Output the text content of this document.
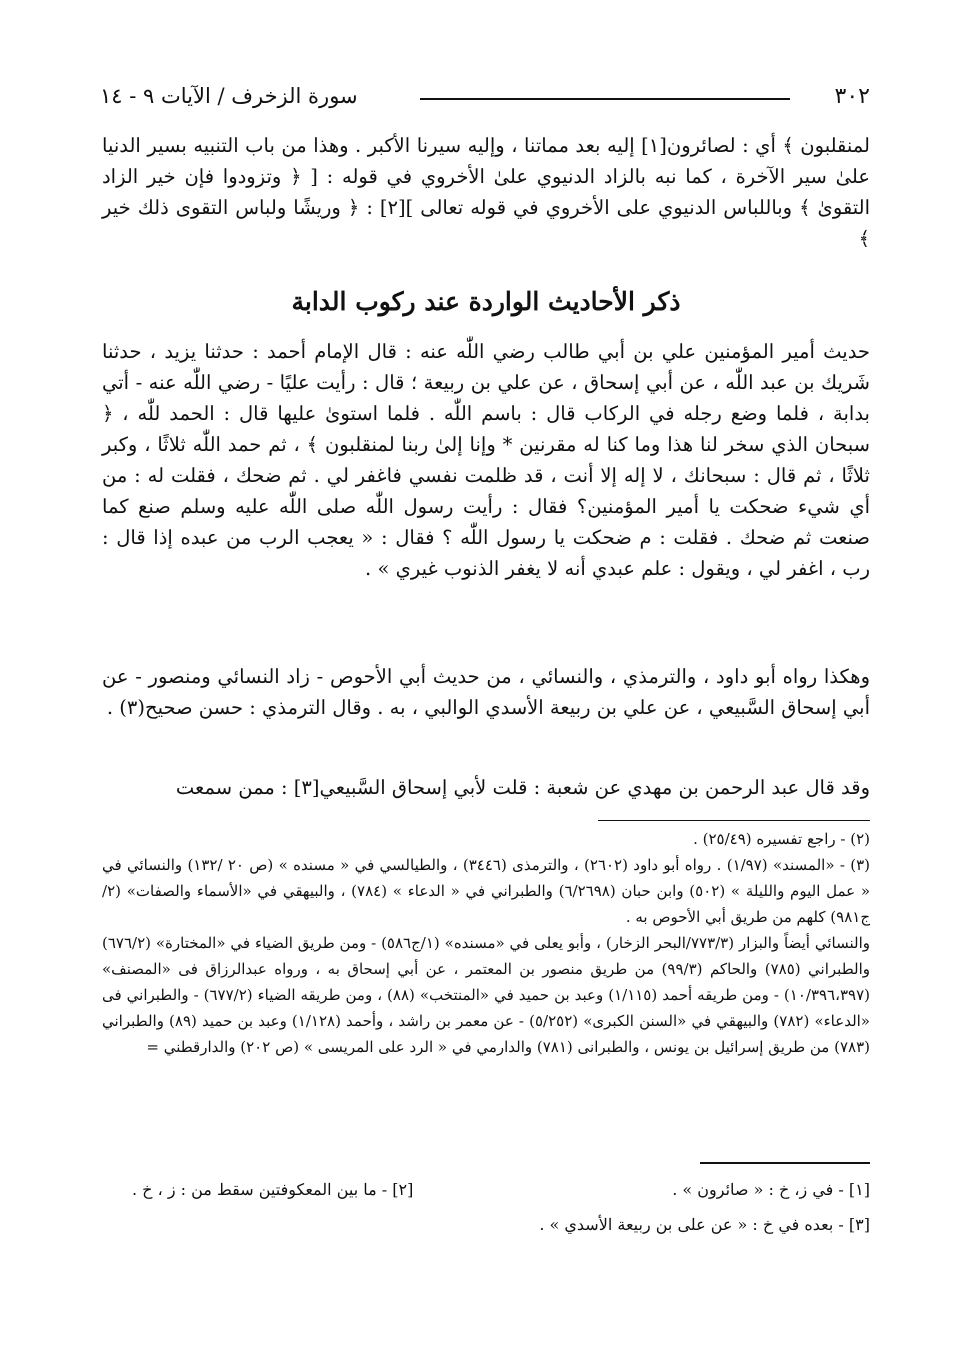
٣٠٢
سورة الزخرف / الآيات ٩ - ١٤

لمنقلبون ﴾ أي : لصائرون[١] إليه بعد مماتنا ، وإليه سيرنا الأكبر . وهذا من باب التنبيه بسير الدنيا علىٰ سير الآخرة ، كما نبه بالزاد الدنيوي علىٰ الأخروي في قوله : [ ﴿ وتزودوا فإن خير الزاد التقوىٰ ﴾ وباللباس الدنيوي على الأخروي في قوله تعالى ][٢] : ﴿ وريشًا ولباس التقوى ذلك خير ﴾

ذكر الأحاديث الواردة عند ركوب الدابة

حديث أمير المؤمنين علي بن أبي طالب رضي اللّٰه عنه : قال الإمام أحمد : حدثنا يزيد ، حدثنا شَريك بن عبد اللّٰه ، عن أبي إسحاق ، عن علي بن ربيعة ؛ قال : رأيت عليًا - رضي اللّٰه عنه - أتي بدابة ، فلما وضع رجله في الركاب قال : باسم اللّٰه . فلما استوىٰ عليها قال : الحمد للّٰه ، ﴿ سبحان الذي سخر لنا هذا وما كنا له مقرنين * وإنا إلىٰ ربنا لمنقلبون ﴾ ، ثم حمد اللّٰه ثلاثًا ، وكبر ثلاثًا ، ثم قال : سبحانك ، لا إله إلا أنت ، قد ظلمت نفسي فاغفر لي . ثم ضحك ، فقلت له : من أي شيء ضحكت يا أمير المؤمنين؟ فقال : رأيت رسول اللّٰه صلى اللّٰه عليه وسلم صنع كما صنعت ثم ضحك . فقلت : م ضحكت يا رسول اللّٰه ؟ فقال : « يعجب الرب من عبده إذا قال : رب ، اغفر لي ، ويقول : علم عبدي أنه لا يغفر الذنوب غيري » .

وهكذا رواه أبو داود ، والترمذي ، والنسائي ، من حديث أبي الأحوص - زاد النسائي ومنصور - عن أبي إسحاق السَّبيعي ، عن علي بن ربيعة الأسدي الوالبي ، به . وقال الترمذي : حسن صحيح(٣) .

وقد قال عبد الرحمن بن مهدي عن شعبة : قلت لأبي إسحاق السَّبيعي[٣] : ممن سمعت

(٢) - راجع تفسيره (٢٥/٤٩) .

(٣) - «المسند» (١/٩٧) . رواه أبو داود (٢٦٠٢) ، والترمذى (٣٤٤٦) ، والطيالسي في « مسنده » (ص ٢٠ /١٣٢) والنسائي في « عمل اليوم والليلة » (٥٠٢) وابن حبان (٦/٢٦٩٨) والطبراني في « الدعاء » (٧٨٤) ، والبيهقي في «الأسماء والصفات» (٢/ج٩٨١) كلهم من طريق أبي الأحوص به .

والنسائي أيضاً والبزار (٧٧٣/٣/البحر الزخار) ، وأبو يعلى في «مسنده» (١/ج٥٨٦) - ومن طريق الضياء في «المختارة» (٦٧٦/٢) والطبراني (٧٨٥) والحاكم (٩٩/٣) من طريق منصور بن المعتمر ، عن أبي إسحاق به ، ورواه عبدالرزاق فى «المصنف» (١٠/٣٩٦،٣٩٧) - ومن طريقه أحمد (١/١١٥) وعبد بن حميد في «المنتخب» (٨٨) ، ومن طريقه الضياء (٦٧٧/٢) - والطبراني فى «الدعاء» (٧٨٢) والبيهقي في «السنن الكبرى» (٥/٢٥٢) - عن معمر بن راشد ، وأحمد (١/١٢٨) وعبد بن حميد (٨٩) والطبراني (٧٨٣) من طريق إسرائيل بن يونس ، والطبرانى (٧٨١) والدارمي في « الرد على المريسى » (ص ٢٠٢) والدارقطني =

[١] - في ز، خ : « صائرون » .
[٢] - ما بين المعكوفتين سقط من : ز ، خ .
[٣] - بعده في خ : « عن على بن ربيعة الأسدي » .
